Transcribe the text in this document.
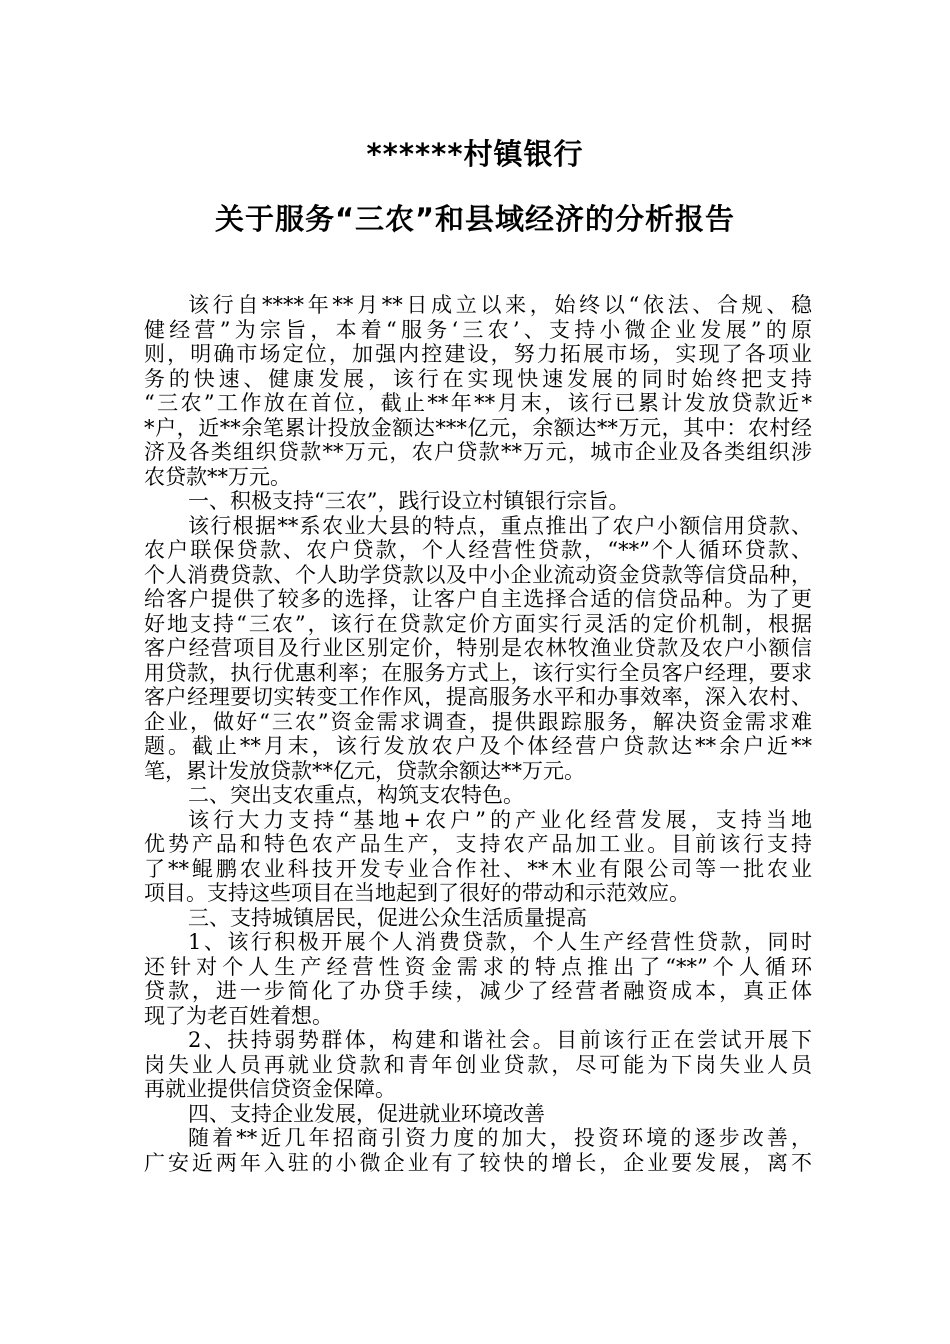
******村镇银行
关于服务“三农”和县域经济的分析报告
该行自****年**月**日成立以来，始终以“依法、合规、稳
健经营”为宗旨，本着“服务‘三农’、支持小微企业发展”的原
则，明确市场定位，加强内控建设，努力拓展市场，实现了各项业
务的快速、健康发展，该行在实现快速发展的同时始终把支持
“三农”工作放在首位，截止**年**月末，该行已累计发放贷款近*
*户，近**余笔累计投放金额达***亿元，余额达**万元，其中：农村经
济及各类组织贷款**万元，农户贷款**万元，城市企业及各类组织涉
农贷款**万元。
一、积极支持“三农”，践行设立村镇银行宗旨。
该行根据**系农业大县的特点，重点推出了农户小额信用贷款、
农户联保贷款、农户贷款，个人经营性贷款，“**”个人循环贷款、
个人消费贷款、个人助学贷款以及中小企业流动资金贷款等信贷品种，
给客户提供了较多的选择，让客户自主选择合适的信贷品种。为了更
好地支持“三农”，该行在贷款定价方面实行灵活的定价机制，根据
客户经营项目及行业区别定价，特别是农林牧渔业贷款及农户小额信
用贷款，执行优惠利率；在服务方式上，该行实行全员客户经理，要求
客户经理要切实转变工作作风，提高服务水平和办事效率，深入农村、
企业，做好“三农”资金需求调查，提供跟踪服务，解决资金需求难
题。截止**月末，该行发放农户及个体经营户贷款达**余户近**
笔，累计发放贷款**亿元，贷款余额达**万元。
二、突出支农重点，构筑支农特色。
该行大力支持“基地+农户”的产业化经营发展，支持当地
优势产品和特色农产品生产，支持农产品加工业。目前该行支持
了**鲲鹏农业科技开发专业合作社、**木业有限公司等一批农业
项目。支持这些项目在当地起到了很好的带动和示范效应。
三、支持城镇居民，促进公众生活质量提高
1、该行积极开展个人消费贷款，个人生产经营性贷款，同时
还针对个人生产经营性资金需求的特点推出了“**”个人循环
贷款，进一步简化了办贷手续，减少了经营者融资成本，真正体
现了为老百姓着想。
2、扶持弱势群体，构建和谐社会。目前该行正在尝试开展下
岗失业人员再就业贷款和青年创业贷款，尽可能为下岗失业人员
再就业提供信贷资金保障。
四、支持企业发展，促进就业环境改善
随着**近几年招商引资力度的加大，投资环境的逐步改善，
广安近两年入驻的小微企业有了较快的增长，企业要发展，离不
